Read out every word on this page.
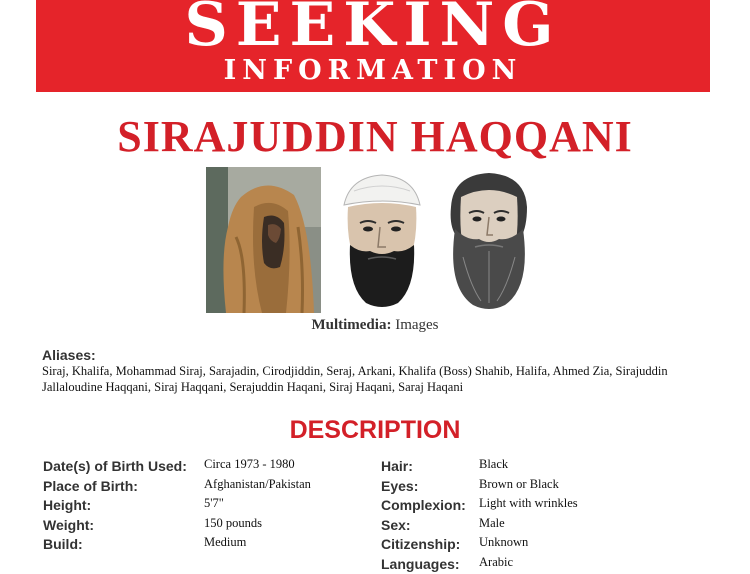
SEEKING
INFORMATION
SIRAJUDDIN HAQQANI
Multimedia: Images
Aliases:
Siraj, Khalifa, Mohammad Siraj, Sarajadin, Cirodjiddin, Seraj, Arkani, Khalifa (Boss) Shahib, Halifa, Ahmed Zia, Sirajuddin Jallaloudine Haqqani, Siraj Haqqani, Serajuddin Haqani, Siraj Haqani, Saraj Haqani
DESCRIPTION
Date(s) of Birth Used: Circa 1973 - 1980
Place of Birth:	Afghanistan/Pakistan
Height:	5'7"
Weight:	150 pounds
Build:	Medium
Hair:	Black
Eyes:	Brown or Black
Complexion: Light with wrinkles
Sex:	Male
Citizenship: Unknown
Languages: Arabic
